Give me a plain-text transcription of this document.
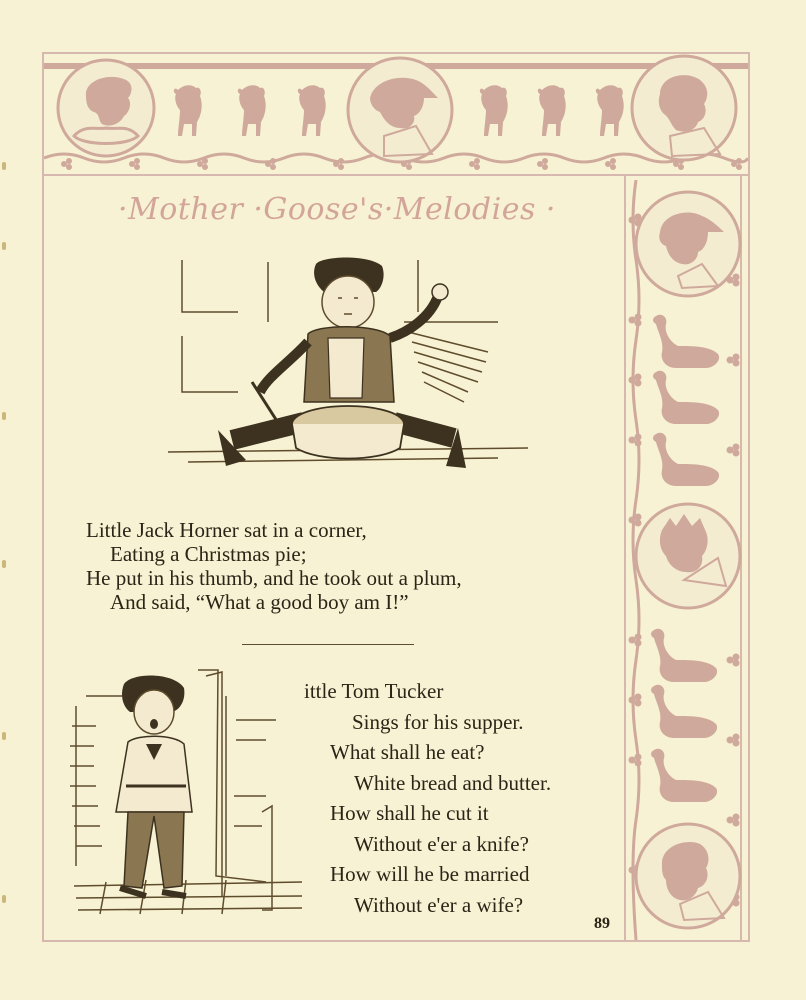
·Mother ·Goose's·Melodies ·
Little Jack Horner sat in a corner,
Eating a Christmas pie;
He put in his thumb, and he took out a plum,
And said, “What a good boy am I!”
ittle Tom Tucker
Sings for his supper.
What shall he eat?
White bread and butter.
How shall he cut it
Without e'er a knife?
How will he be married
Without e'er a wife?
89
